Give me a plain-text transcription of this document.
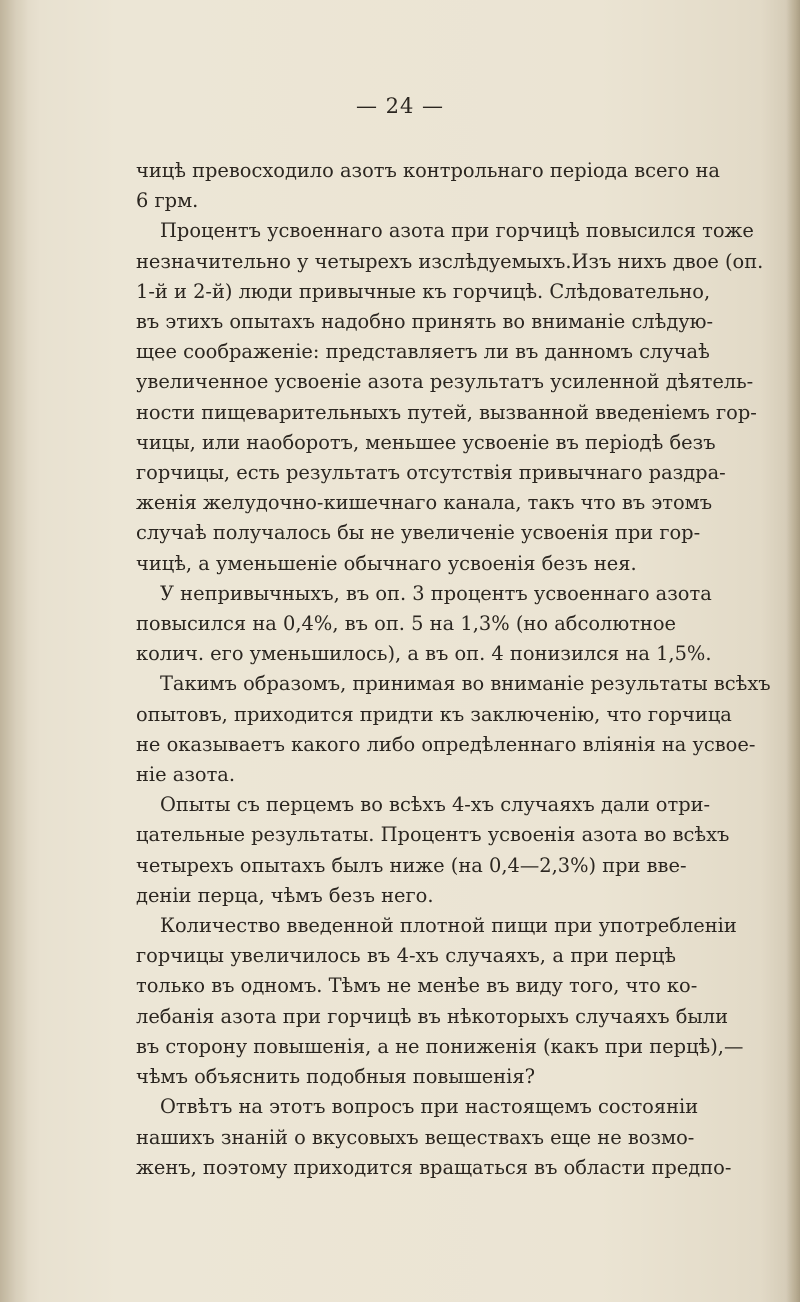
— 24 —
чицѣ превосходило азотъ контрольнаго періода всего на
6 грм.
Процентъ усвоеннаго азота при горчицѣ повысился тоже
незначительно у четырехъ изслѣдуемыхъ.Изъ нихъ двое (оп.
1-й и 2-й) люди привычные къ горчицѣ. Слѣдовательно,
въ этихъ опытахъ надобно принять во вниманіе слѣдую-
щее соображеніе: представляетъ ли въ данномъ случаѣ
увеличенное усвоеніе азота результатъ усиленной дѣятель-
ности пищеварительныхъ путей, вызванной введеніемъ гор-
чицы, или наоборотъ, меньшее усвоеніе въ періодѣ безъ
горчицы, есть результатъ отсутствія привычнаго раздра-
женія желудочно-кишечнаго канала, такъ что въ этомъ
случаѣ получалось бы не увеличеніе усвоенія при гор-
чицѣ, а уменьшеніе обычнаго усвоенія безъ нея.
У непривычныхъ, въ оп. 3 процентъ усвоеннаго азота
повысился на 0,4%, въ оп. 5 на 1,3% (но абсолютное
колич. его уменьшилось), а въ оп. 4 понизился на 1,5%.
Такимъ образомъ, принимая во вниманіе результаты всѣхъ
опытовъ, приходится придти къ заключенію, что горчица
не оказываетъ какого либо опредѣленнаго вліянія на усвое-
ніе азота.
Опыты съ перцемъ во всѣхъ 4-хъ случаяхъ дали отри-
цательные результаты. Процентъ усвоенія азота во всѣхъ
четырехъ опытахъ былъ ниже (на 0,4—2,3%) при вве-
деніи перца, чѣмъ безъ него.
Количество введенной плотной пищи при употребленіи
горчицы увеличилось въ 4-хъ случаяхъ, а при перцѣ
только въ одномъ. Тѣмъ не менѣе въ виду того, что ко-
лебанія азота при горчицѣ въ нѣкоторыхъ случаяхъ были
въ сторону повышенія, а не пониженія (какъ при перцѣ),—
чѣмъ объяснить подобныя повышенія?
Отвѣтъ на этотъ вопросъ при настоящемъ состояніи
нашихъ знаній о вкусовыхъ веществахъ еще не возмо-
женъ, поэтому приходится вращаться въ области предпо-
